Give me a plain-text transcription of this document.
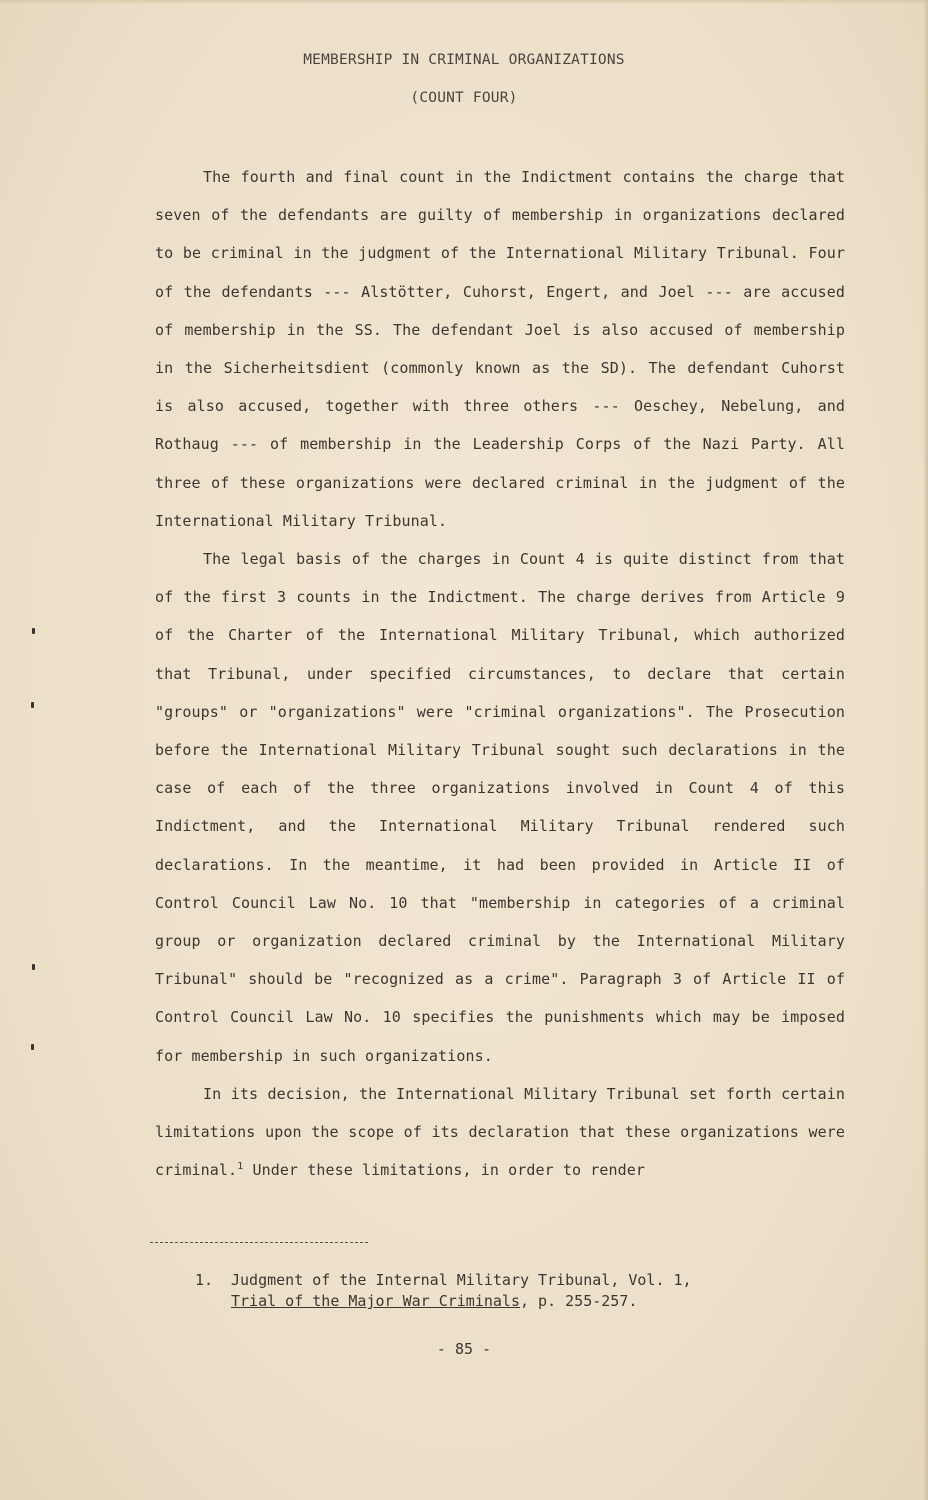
MEMBERSHIP IN CRIMINAL ORGANIZATIONS
(COUNT FOUR)

The fourth and final count in the Indictment contains the charge that seven of the defendants are guilty of membership in organizations declared to be criminal in the judgment of the International Military Tribunal. Four of the defendants --- Alstötter, Cuhorst, Engert, and Joel --- are accused of membership in the SS. The defendant Joel is also accused of membership in the Sicherheitsdient (commonly known as the SD). The defendant Cuhorst is also accused, together with three others --- Oeschey, Nebelung, and Rothaug --- of membership in the Leadership Corps of the Nazi Party. All three of these organizations were declared criminal in the judgment of the International Military Tribunal.

The legal basis of the charges in Count 4 is quite distinct from that of the first 3 counts in the Indictment. The charge derives from Article 9 of the Charter of the International Military Tribunal, which authorized that Tribunal, under specified circumstances, to declare that certain "groups" or "organizations" were "criminal organizations". The Prosecution before the International Military Tribunal sought such declarations in the case of each of the three organizations involved in Count 4 of this Indictment, and the International Military Tribunal rendered such declarations. In the meantime, it had been provided in Article II of Control Council Law No. 10 that "membership in categories of a criminal group or organization declared criminal by the International Military Tribunal" should be "recognized as a crime". Paragraph 3 of Article II of Control Council Law No. 10 specifies the punishments which may be imposed for membership in such organizations.

In its decision, the International Military Tribunal set forth certain limitations upon the scope of its declaration that these organizations were criminal.$^1$ Under these limitations, in order to render

1. Judgment of the Internal Military Tribunal, Vol. 1,
Trial of the Major War Criminals, p. 255-257.
- 85 -
